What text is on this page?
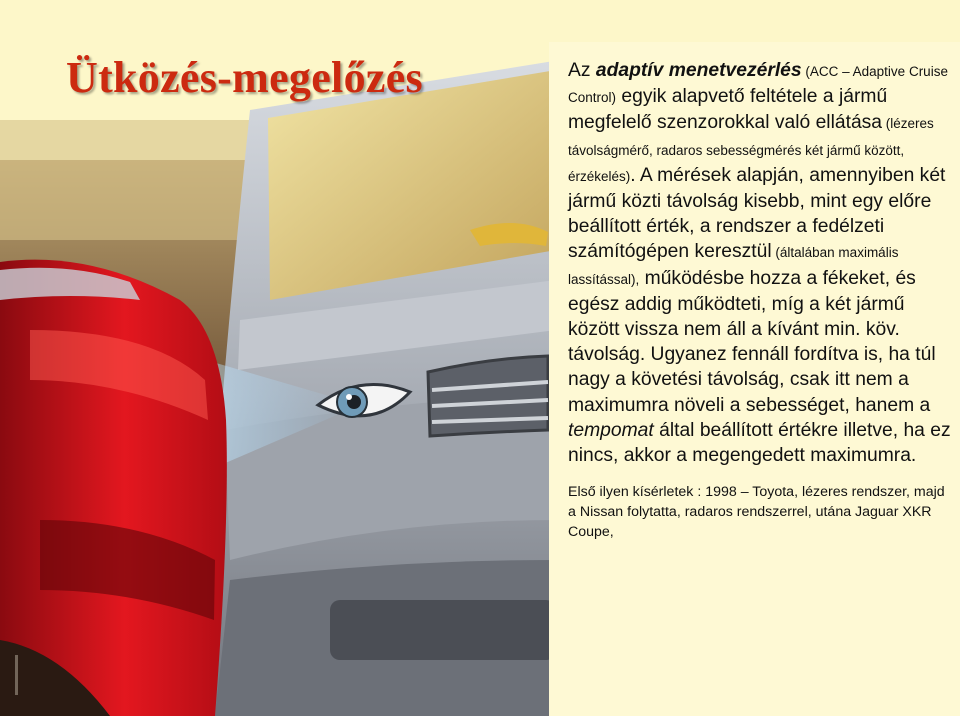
Ütközés-megelőzés	Az adaptív menetvezérlés (ACC – Adaptive Cruise Control) egyik alapvető feltétele a jármű megfelelő szenzorokkal való ellátása (lézeres távolságmérő, radaros sebességmérés két jármű között, érzékelés). A mérések alapján, amennyiben két jármű közti távolság kisebb, mint egy előre beállított érték, a rendszer a fedélzeti számítógépen keresztül (általában maximális lassítással), működésbe hozza a fékeket, és egész addig működteti, míg a két jármű között vissza nem áll a kívánt min. köv. távolság. Ugyanez fennáll fordítva is, ha túl nagy a követési távolság, csak itt nem a maximumra növeli a sebességet, hanem a tempomat által beállított értékre illetve, ha ez nincs, akkor a megengedett maximumra.

Első ilyen kísérletek : 1998 – Toyota, lézeres rendszer, majd a Nissan folytatta, radaros rendszerrel, utána Jaguar XKR Coupe,
